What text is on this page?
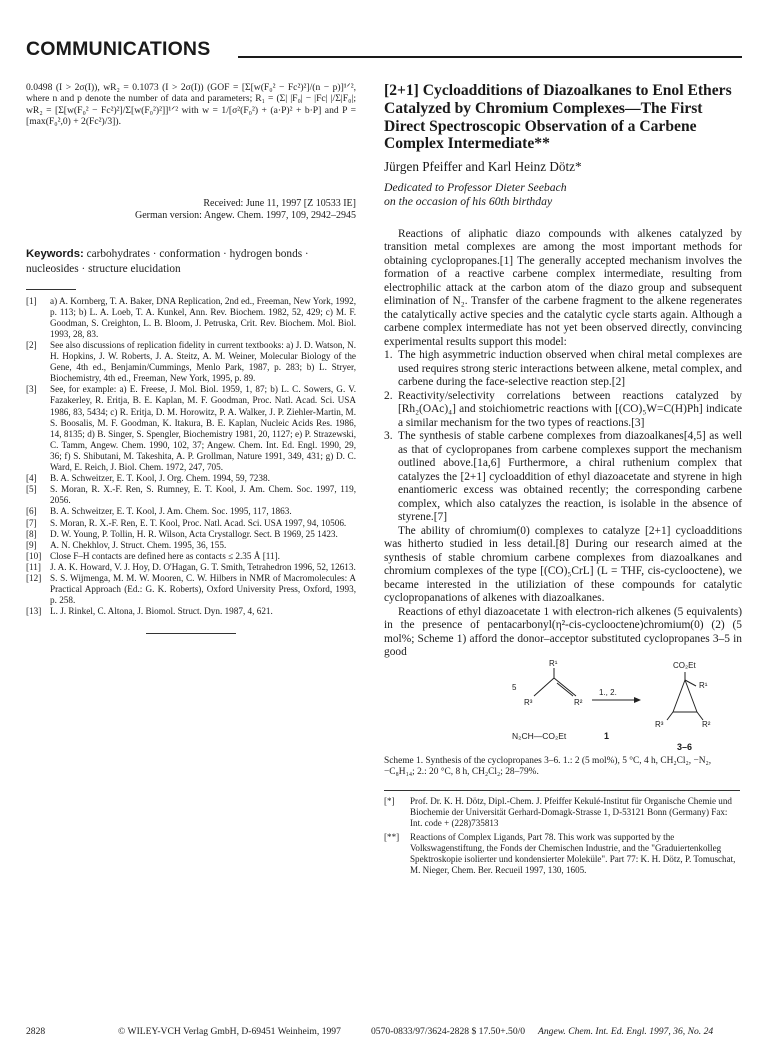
COMMUNICATIONS
0.0498 (I > 2σ(I)), wR₂ = 0.1073 (I > 2σ(I)) (GOF = [Σ[w(F₀² − Fc²)²]/(n − p)]¹ᐟ², where n and p denote the number of data and parameters; R₁ = (Σ| |F₀| − |Fc| |/Σ|F₀|; wR₂ = [Σ[w(F₀² − Fc²)²]/Σ[w(F₀²)²]]¹ᐟ² with w = 1/[σ²(F₀²) + (a·P)² + b·P] and P = [max(F₀²,0) + 2(Fc²)/3]).
Received: June 11, 1997 [Z 10533 IE]
German version: Angew. Chem. 1997, 109, 2942–2945
Keywords: carbohydrates · conformation · hydrogen bonds · nucleosides · structure elucidation
[1]	a) A. Kornberg, T. A. Baker, DNA Replication, 2nd ed., Freeman, New York, 1992, p. 113; b) L. A. Loeb, T. A. Kunkel, Ann. Rev. Biochem. 1982, 52, 429; c) M. F. Goodman, S. Creighton, L. B. Bloom, J. Petruska, Crit. Rev. Biochem. Mol. Biol. 1993, 28, 83.
[2]	See also discussions of replication fidelity in current textbooks: a) J. D. Watson, N. H. Hopkins, J. W. Roberts, J. A. Steitz, A. M. Weiner, Molecular Biology of the Gene, 4th ed., Benjamin/Cummings, Menlo Park, 1987, p. 283; b) L. Stryer, Biochemistry, 4th ed., Freeman, New York, 1995, p. 89.
[3]	See, for example: a) E. Freese, J. Mol. Biol. 1959, 1, 87; b) L. C. Sowers, G. V. Fazakerley, R. Eritja, B. E. Kaplan, M. F. Goodman, Proc. Natl. Acad. Sci. USA 1986, 83, 5434; c) R. Eritja, D. M. Horowitz, P. A. Walker, J. P. Ziehler-Martin, M. S. Boosalis, M. F. Goodman, K. Itakura, B. E. Kaplan, Nucleic Acids Res. 1986, 14, 8135; d) B. Singer, S. Spengler, Biochemistry 1981, 20, 1127; e) P. Strazewski, C. Tamm, Angew. Chem. 1990, 102, 37; Angew. Chem. Int. Ed. Engl. 1990, 29, 36; f) S. Shibutani, M. Takeshita, A. P. Grollman, Nature 1991, 349, 431; g) D. C. Ward, E. Reich, J. Biol. Chem. 1972, 247, 705.
[4]	B. A. Schweitzer, E. T. Kool, J. Org. Chem. 1994, 59, 7238.
[5]	S. Moran, R. X.-F. Ren, S. Rumney, E. T. Kool, J. Am. Chem. Soc. 1997, 119, 2056.
[6]	B. A. Schweitzer, E. T. Kool, J. Am. Chem. Soc. 1995, 117, 1863.
[7]	S. Moran, R. X.-F. Ren, E. T. Kool, Proc. Natl. Acad. Sci. USA 1997, 94, 10506.
[8]	D. W. Young, P. Tollin, H. R. Wilson, Acta Crystallogr. Sect. B 1969, 25 1423.
[9]	A. N. Chekhlov, J. Struct. Chem. 1995, 36, 155.
[10] Close F–H contacts are defined here as contacts ≤ 2.35 Å [11].
[11] J. A. K. Howard, V. J. Hoy, D. O'Hagan, G. T. Smith, Tetrahedron 1996, 52, 12613.
[12] S. S. Wijmenga, M. M. W. Mooren, C. W. Hilbers in NMR of Macromolecules: A Practical Approach (Ed.: G. K. Roberts), Oxford University Press, Oxford, 1993, p. 258.
[13] L. J. Rinkel, C. Altona, J. Biomol. Struct. Dyn. 1987, 4, 621.
[2+1] Cycloadditions of Diazoalkanes to Enol Ethers Catalyzed by Chromium Complexes—The First Direct Spectroscopic Observation of a Carbene Complex Intermediate**
Jürgen Pfeiffer and Karl Heinz Dötz*
Dedicated to Professor Dieter Seebach
on the occasion of his 60th birthday

Reactions of aliphatic diazo compounds with alkenes catalyzed by transition metal complexes are among the most important methods for obtaining cyclopropanes.[1] The generally accepted mechanism involves the formation of a reactive carbene complex intermediate, resulting from electrophilic attack at the carbon atom of the diazo group and subsequent elimination of N₂. Transfer of the carbene fragment to the alkene regenerates the catalytically active species and the catalytic cycle starts again. Although a carbene complex intermediate has not yet been observed directly, convincing experimental results support this model:

1. The high asymmetric induction observed when chiral metal complexes are used requires strong steric interactions between alkene, metal complex, and carbene during the face-selective reaction step.[2]
2. Reactivity/selectivity correlations between reactions catalyzed by [Rh₂(OAc)₄] and stoichiometric reactions with [(CO)₅W=C(H)Ph] indicate a similar mechanism for the two types of reactions.[3]
3. The synthesis of stable carbene complexes from diazoalkanes[4,5] as well as that of cyclopropanes from carbene complexes support the mechanism outlined above.[1a,6] Furthermore, a chiral ruthenium complex that catalyzes the [2+1] cycloaddition of ethyl diazoacetate and styrene in high enantiomeric excess was obtained recently; the corresponding carbene complex, which also catalyzes the reaction, is isolable in the absence of styrene.[7]

The ability of chromium(0) complexes to catalyze [2+1] cycloadditions was hitherto studied in less detail.[8] During our research aimed at the synthesis of stable chromium carbene complexes from diazoalkanes and chromium complexes of the type [(CO)₅CrL] (L = THF, cis-cyclooctene), we became interested in the utiliziation of these compounds for catalytic cyclopropanations of alkenes with diazoalkanes.

Reactions of ethyl diazoacetate 1 with electron-rich alkenes (5 equivalents) in the presence of pentacarbonyl(η²-cis-cyclooctene)chromium(0) (2) (5 mol%; Scheme 1) afford the donor–acceptor substituted cyclopropanes 3–5 in good

5
R¹
R³	R²
1., 2.
N₂CH—CO₂Et	1
CO₂Et
R¹
R³	R²
3–6
Scheme 1. Synthesis of the cyclopropanes 3–6. 1.: 2 (5 mol%), 5 °C, 4 h, CH₂Cl₂, −N₂, −C₈H₁₄; 2.: 20 °C, 8 h, CH₂Cl₂; 28–79%.
[*]	Prof. Dr. K. H. Dötz, Dipl.-Chem. J. Pfeiffer Kekulé-Institut für Organische Chemie und Biochemie der Universität Gerhard-Domagk-Strasse 1, D-53121 Bonn (Germany) Fax: Int. code + (228)735813
[**]	Reactions of Complex Ligands, Part 78. This work was supported by the Volkswagenstiftung, the Fonds der Chemischen Industrie, and the "Graduiertenkolleg Spektroskopie isolierter und kondensierter Moleküle". Part 77: K. H. Dötz, P. Tomuschat, M. Nieger, Chem. Ber. Recueil 1997, 130, 1605.
2828	© WILEY-VCH Verlag GmbH, D-69451 Weinheim, 1997	0570-0833/97/3624-2828 $ 17.50+.50/0 Angew. Chem. Int. Ed. Engl. 1997, 36, No. 24
